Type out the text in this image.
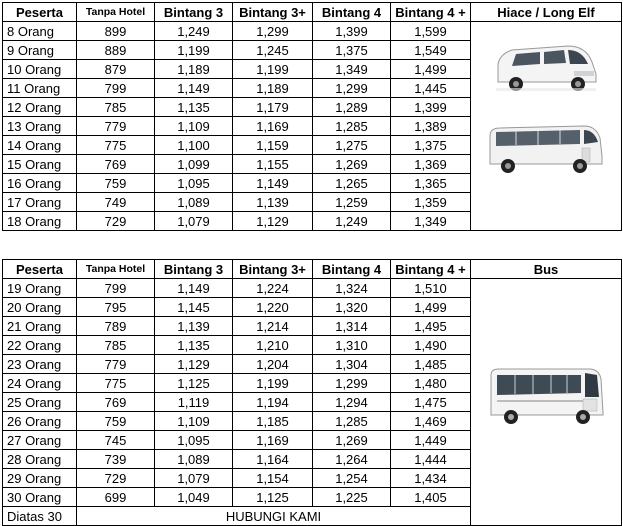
Peserta	Tanpa Hotel	Bintang 3	Bintang 3+	Bintang 4	Bintang 4 +	Hiace / Long Elf
8 Orang	899	1,249	1,299	1,399	1,599	

9 Orang	889	1,199	1,245	1,375	1,549	
10 Orang	879	1,189	1,199	1,349	1,499	
11 Orang	799	1,149	1,189	1,299	1,445	
12 Orang	785	1,135	1,179	1,289	1,399	
13 Orang	779	1,109	1,169	1,285	1,389	
14 Orang	775	1,100	1,159	1,275	1,375	
15 Orang	769	1,099	1,155	1,269	1,369	
16 Orang	759	1,095	1,149	1,265	1,365	
17 Orang	749	1,089	1,139	1,259	1,359	
18 Orang	729	1,079	1,129	1,249	1,349	
Peserta	Tanpa Hotel	Bintang 3	Bintang 3+	Bintang 4	Bintang 4 +	Bus
19 Orang	799	1,149	1,224	1,324	1,510	

20 Orang	795	1,145	1,220	1,320	1,499	
21 Orang	789	1,139	1,214	1,314	1,495	
22 Orang	785	1,135	1,210	1,310	1,490	
23 Orang	779	1,129	1,204	1,304	1,485	
24 Orang	775	1,125	1,199	1,299	1,480	
25 Orang	769	1,119	1,194	1,294	1,475	
26 Orang	759	1,109	1,185	1,285	1,469	
27 Orang	745	1,095	1,169	1,269	1,449	
28 Orang	739	1,089	1,164	1,264	1,444	
29 Orang	729	1,079	1,154	1,254	1,434	
30 Orang	699	1,049	1,125	1,225	1,405	
Diatas 30	HUBUNGI KAMI					
